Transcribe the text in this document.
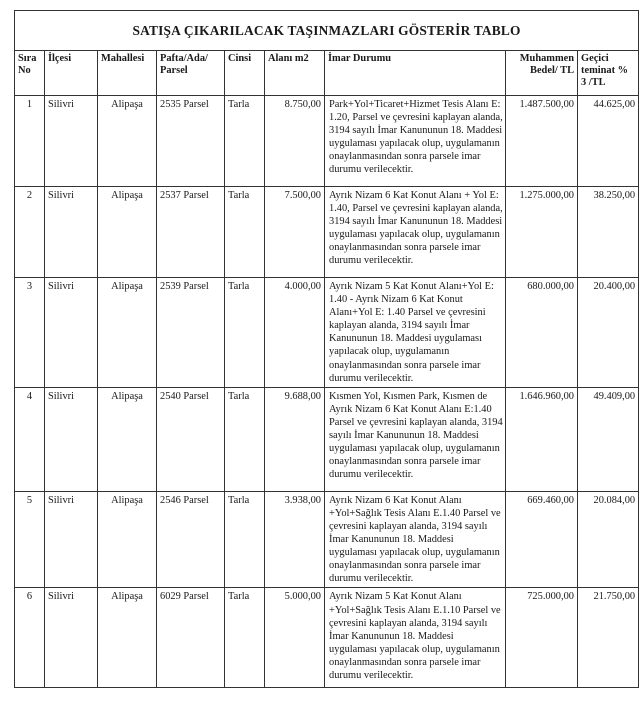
SATIŞA ÇIKARILACAK TAŞINMAZLARI GÖSTERİR TABLO								
Sıra No	İlçesi	Mahallesi	Pafta/Ada/ Parsel	Cinsi	Alanı m2	İmar Durumu	Muhammen Bedel/ TL	Geçici teminat % 3 /TL
1	Silivri	Alipaşa	2535 Parsel	Tarla	8.750,00	Park+Yol+Ticaret+Hizmet Tesis Alanı E: 1.20, Parsel ve çevresini kaplayan alanda, 3194 sayılı İmar Kanununun 18. Maddesi uygulaması yapılacak olup, uygulamanın onaylanmasından sonra parsele imar durumu verilecektir.	1.487.500,00	44.625,00
2	Silivri	Alipaşa	2537 Parsel	Tarla	7.500,00	Ayrık Nizam 6 Kat Konut Alanı + Yol E: 1.40, Parsel ve çevresini kaplayan alanda, 3194 sayılı İmar Kanununun 18. Maddesi uygulaması yapılacak olup, uygulamanın onaylanmasından sonra parsele imar durumu verilecektir.	1.275.000,00	38.250,00
3	Silivri	Alipaşa	2539 Parsel	Tarla	4.000,00	Ayrık Nizam 5 Kat Konut Alanı+Yol E: 1.40 - Ayrık Nizam 6 Kat Konut Alanı+Yol E: 1.40 Parsel ve çevresini kaplayan alanda, 3194 sayılı İmar Kanununun 18. Maddesi uygulaması yapılacak olup, uygulamanın onaylanmasından sonra parsele imar durumu verilecektir.	680.000,00	20.400,00
4	Silivri	Alipaşa	2540 Parsel	Tarla	9.688,00	Kısmen Yol, Kısmen Park, Kısmen de Ayrık Nizam 6 Kat Konut Alanı E:1.40 Parsel ve çevresini kaplayan alanda, 3194 sayılı İmar Kanununun 18. Maddesi uygulaması yapılacak olup, uygulamanın onaylanmasından sonra parsele imar durumu verilecektir.	1.646.960,00	49.409,00
5	Silivri	Alipaşa	2546 Parsel	Tarla	3.938,00	Ayrık Nizam 6 Kat Konut Alanı +Yol+Sağlık Tesis Alanı E.1.40 Parsel ve çevresini kaplayan alanda, 3194 sayılı İmar Kanununun 18. Maddesi uygulaması yapılacak olup, uygulamanın onaylanmasından sonra parsele imar durumu verilecektir.	669.460,00	20.084,00
6	Silivri	Alipaşa	6029 Parsel	Tarla	5.000,00	Ayrık Nizam 5 Kat Konut Alanı +Yol+Sağlık Tesis Alanı E.1.10 Parsel ve çevresini kaplayan alanda, 3194 sayılı İmar Kanununun 18. Maddesi uygulaması yapılacak olup, uygulamanın onaylanmasından sonra parsele imar durumu verilecektir.	725.000,00	21.750,00
